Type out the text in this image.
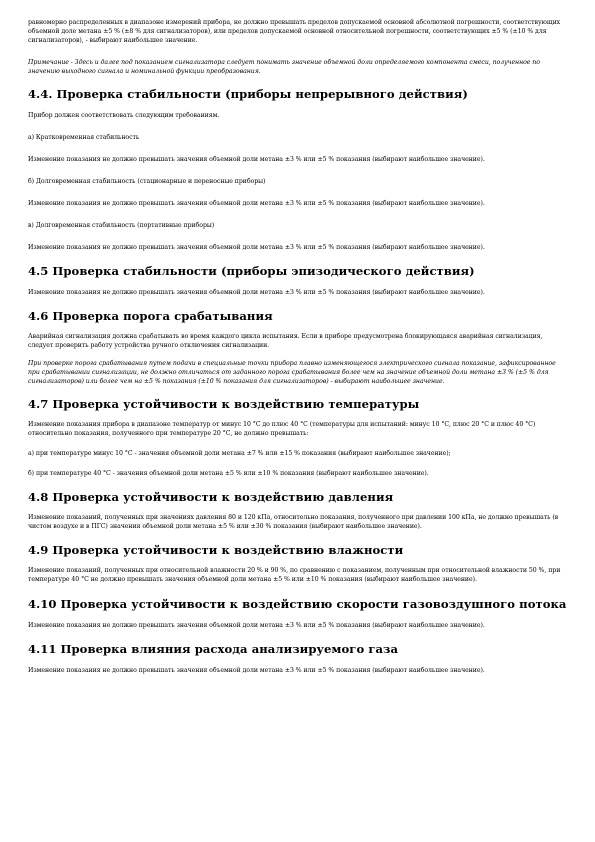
равномерно распределенных в диапазоне измерений прибора, не должно превышать пределов допускаемой основной абсолютной погрешности, соответствующих объемной доле метана ±5 % (±8 % для сигнализаторов), или пределов допускаемой основной относительной погрешности, соответствующих ±5 % (±10 % для сигнализаторов), - выбирают наибольшее значение.

Примечание - Здесь и далее под показанием сигнализатора следует понимать значение объемной доли определяемого компонента смеси, полученное по значению выходного сигнала и номинальной функции преобразования.

4.4. Проверка стабильности (приборы непрерывного действия)

Прибор должен соответствовать следующим требованиям.

а) Кратковременная стабильность

Изменение показания не должно превышать значения объемной доли метана ±3 % или ±5 % показания (выбирают наибольшее значение).

б) Долговременная стабильность (стационарные и переносные приборы)

Изменение показания не должно превышать значения объемной доли метана ±3 % или ±5 % показания (выбирают наибольшее значение).

в) Долговременная стабильность (портативные приборы)

Изменение показания не должно превышать значения объемной доли метана ±3 % или ±5 % показания (выбирают наибольшее значение).

4.5 Проверка стабильности (приборы эпизодического действия)

Изменение показания не должно превышать значения объемной доли метана ±3 % или ±5 % показания (выбирают наибольшее значение).

4.6 Проверка порога срабатывания

Аварийная сигнализация должна срабатывать во время каждого цикла испытания. Если в приборе предусмотрена блокирующаяся аварийная сигнализация, следует проверить работу устройства ручного отключения сигнализации.

При проверке порога срабатывания путем подачи в специальные точки прибора плавно изменяющегося электрического сигнала показание, зафиксированное при срабатывании сигнализации, не должно отличаться от заданного порога срабатывания более чем на значение объемной доли метана ±3 % (±5 % для сигнализаторов) или более чем на ±5 % показания (±10 % показания для сигнализаторов) - выбирают наибольшее значение.

4.7 Проверка устойчивости к воздействию температуры

Изменение показания прибора в диапазоне температур от минус 10 °С до плюс 40 °С (температуры для испытаний: минус 10 °С, плюс 20 °С и плюс 40 °С) относительно показания, полученного при температуре 20 °С, не должно превышать:

а) при температуре минус 10 °С - значения объемной доли метана ±7 % или ±15 % показания (выбирают наибольшее значение);

б) при температуре 40 °С - значения объемной доли метана ±5 % или ±10 % показания (выбирают наибольшее значение).

4.8 Проверка устойчивости к воздействию давления

Изменение показаний, полученных при значениях давления 80 и 120 кПа, относительно показания, полученного при давлении 100 кПа, не должно превышать (в чистом воздухе и в ПГС) значения объемной доли метана ±5 % или ±30 % показания (выбирают наибольшее значение).

4.9 Проверка устойчивости к воздействию влажности

Изменение показаний, полученных при относительной влажности 20 % и 90 %, по сравнению с показанием, полученным при относительной влажности 50 %, при температуре 40 °С не должно превышать значения объемной доли метана ±5 % или ±10 % показания (выбирают наибольшее значение).

4.10 Проверка устойчивости к воздействию скорости газовоздушного потока

Изменение показания не должно превышать значения объемной доли метана ±3 % или ±5 % показания (выбирают наибольшее значение).

4.11 Проверка влияния расхода анализируемого газа

Изменение показания не должно превышать значения объемной доли метана ±3 % или ±5 % показания (выбирают наибольшее значение).
